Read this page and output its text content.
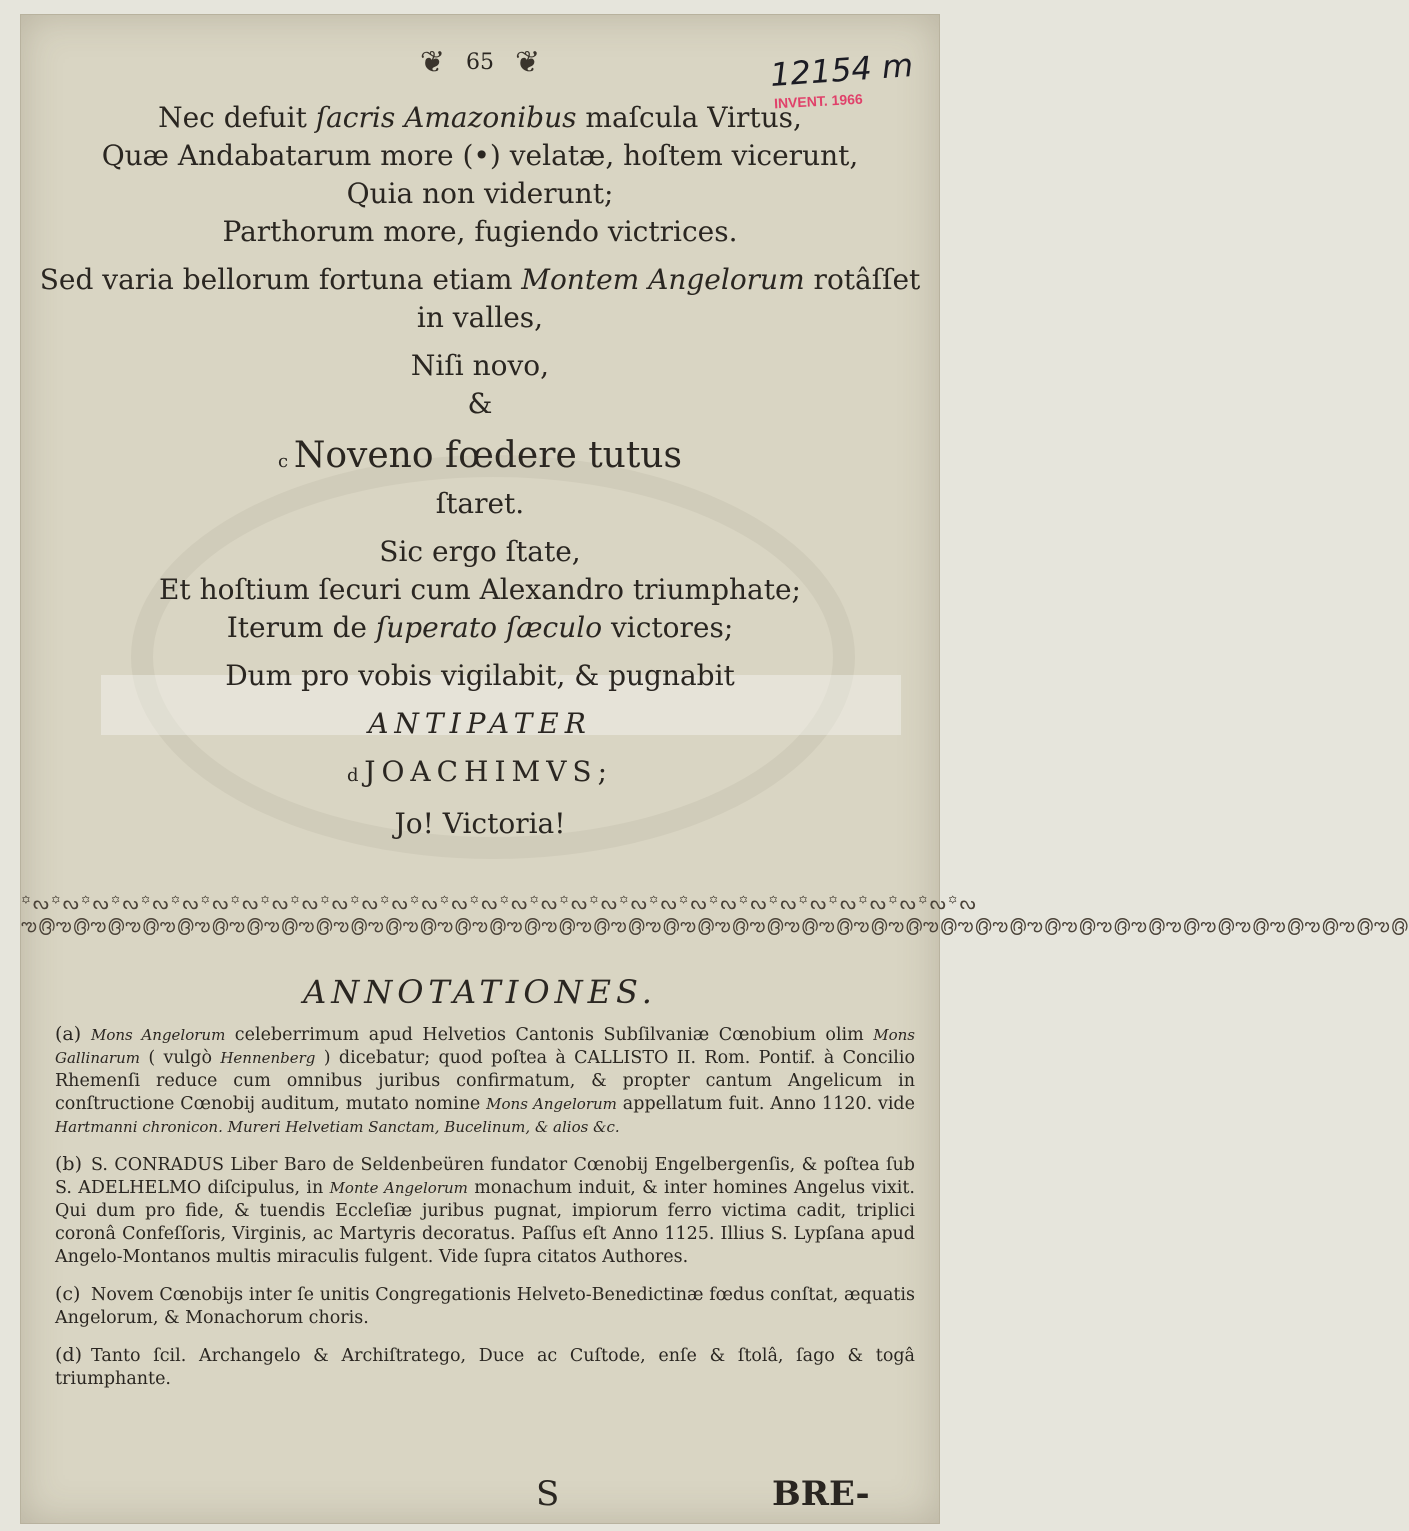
❦ 65 ❦	12154 m
INVENT. 1966
Nec defuit ſacris Amazonibus maſcula Virtus,
Quæ Andabatarum more (•) velatæ, hoſtem vicerunt,
Quia non viderunt;
Parthorum more, fugiendo victrices.
Sed varia bellorum fortuna etiam Montem Angelorum rotâſſet
in valles,
Niſi novo,
&
c Noveno fœdere tutus
ſtaret.
Sic ergo ſtate,
Et hoſtium ſecuri cum Alexandro triumphate;
Iterum de ſuperato ſæculo victores;
Dum pro vobis vigilabit, & pugnabit
ANTIPATER
d JOACHIMVS;
Jo! Victoria!
꙳ᔓ꙳ᔓ꙳ᔓ꙳ᔓ꙳ᔓ꙳ᔓ꙳ᔓ꙳ᔓ꙳ᔓ꙳ᔓ꙳ᔓ꙳ᔓ꙳ᔓ꙳ᔓ꙳ᔓ꙳ᔓ꙳ᔓ꙳ᔓ꙳ᔓ꙳ᔓ꙳ᔓ꙳ᔓ꙳ᔓ꙳ᔓ꙳ᔓ꙳ᔓ꙳ᔓ꙳ᔓ꙳ᔓ꙳ᔓ꙳ᔓ꙳ᔓ
ఌ൫ఌ൫ఌ൫ఌ൫ఌ൫ఌ൫ఌ൫ఌ൫ఌ൫ఌ൫ఌ൫ఌ൫ఌ൫ఌ൫ఌ൫ఌ൫ఌ൫ఌ൫ఌ൫ఌ൫ఌ൫ఌ൫ఌ൫ఌ൫ఌ൫ఌ൫ఌ൫ఌ൫ఌ൫ఌ൫ఌ൫ఌ൫ఌ൫ఌ൫ఌ൫ఌ൫ఌ൫ఌ൫ఌ൫ఌ൫
ANNOTATIONES.
(a) Mons Angelorum celeberrimum apud Helvetios Cantonis Subſilvaniæ Cœnobium olim Mons Gallinarum ( vulgò Hennenberg ) dicebatur; quod poſtea à CALLISTO II. Rom. Pontif. à Concilio Rhemenſi reduce cum omnibus juribus confirmatum, & propter cantum Angelicum in conſtructione Cœnobij auditum, mutato nomine Mons Angelorum appellatum fuit. Anno 1120. vide Hartmanni chronicon. Mureri Helvetiam Sanctam, Bucelinum, & alios &c.
(b) S. CONRADUS Liber Baro de Seldenbeüren fundator Cœnobij Engelbergenſis, & poſtea ſub S. ADELHELMO diſcipulus, in Monte Angelorum monachum induit, & inter homines Angelus vixit. Qui dum pro fide, & tuendis Eccleſiæ juribus pugnat, impiorum ferro victima cadit, triplici coronâ Confeſſoris, Virginis, ac Martyris decoratus. Paſſus eſt Anno 1125. Illius S. Lypſana apud Angelo-Montanos multis miraculis fulgent. Vide ſupra citatos Authores.
(c) Novem Cœnobijs inter ſe unitis Congregationis Helveto-Benedictinæ fœdus conſtat, æquatis Angelorum, & Monachorum choris.
(d) Tanto ſcil. Archangelo & Archiſtratego, Duce ac Cuſtode, enſe & ſtolâ, ſago & togâ triumphante.
S	BRE-
